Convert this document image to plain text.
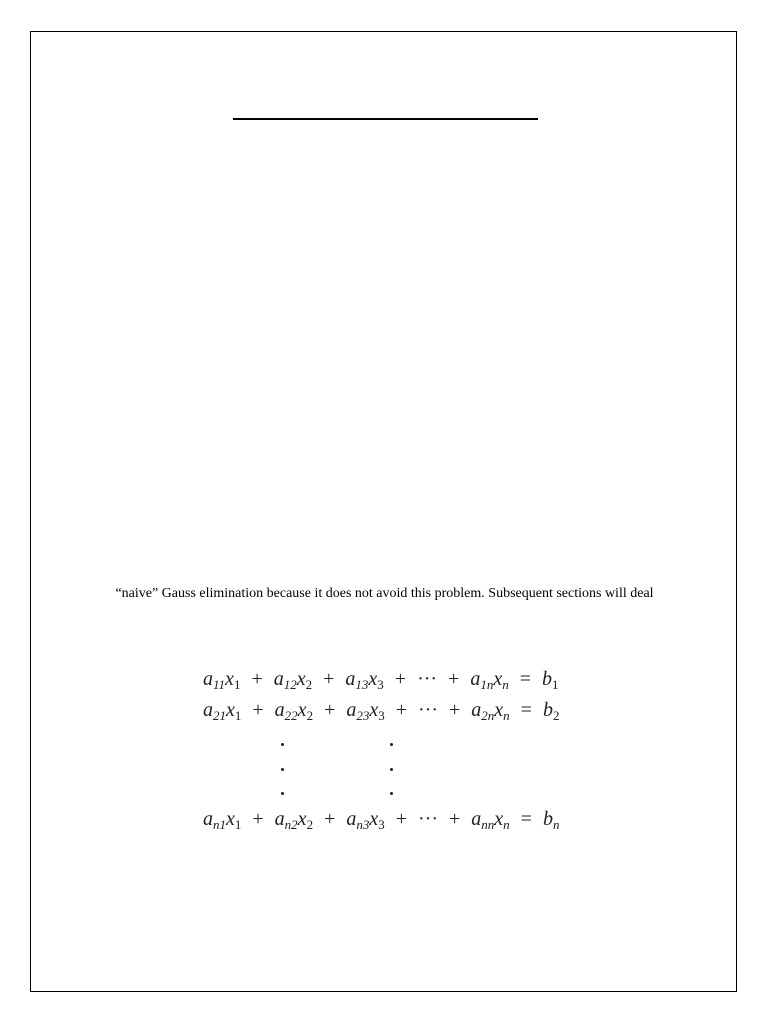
“naive” Gauss elimination because it does not avoid this problem. Subsequent sections will deal
$a_{11}x_1 + a_{12}x_2 + a_{13}x_3$ + ··· + $a_{1n}x_n = b_1$
$a_{21}x_1 + a_{22}x_2 + a_{23}x_3$ + ··· + $a_{2n}x_n = b_2$
$a_{n1}x_1 + a_{n2}x_2 + a_{n3}x_3$ + ··· + $a_{nn}x_n = b_n$
